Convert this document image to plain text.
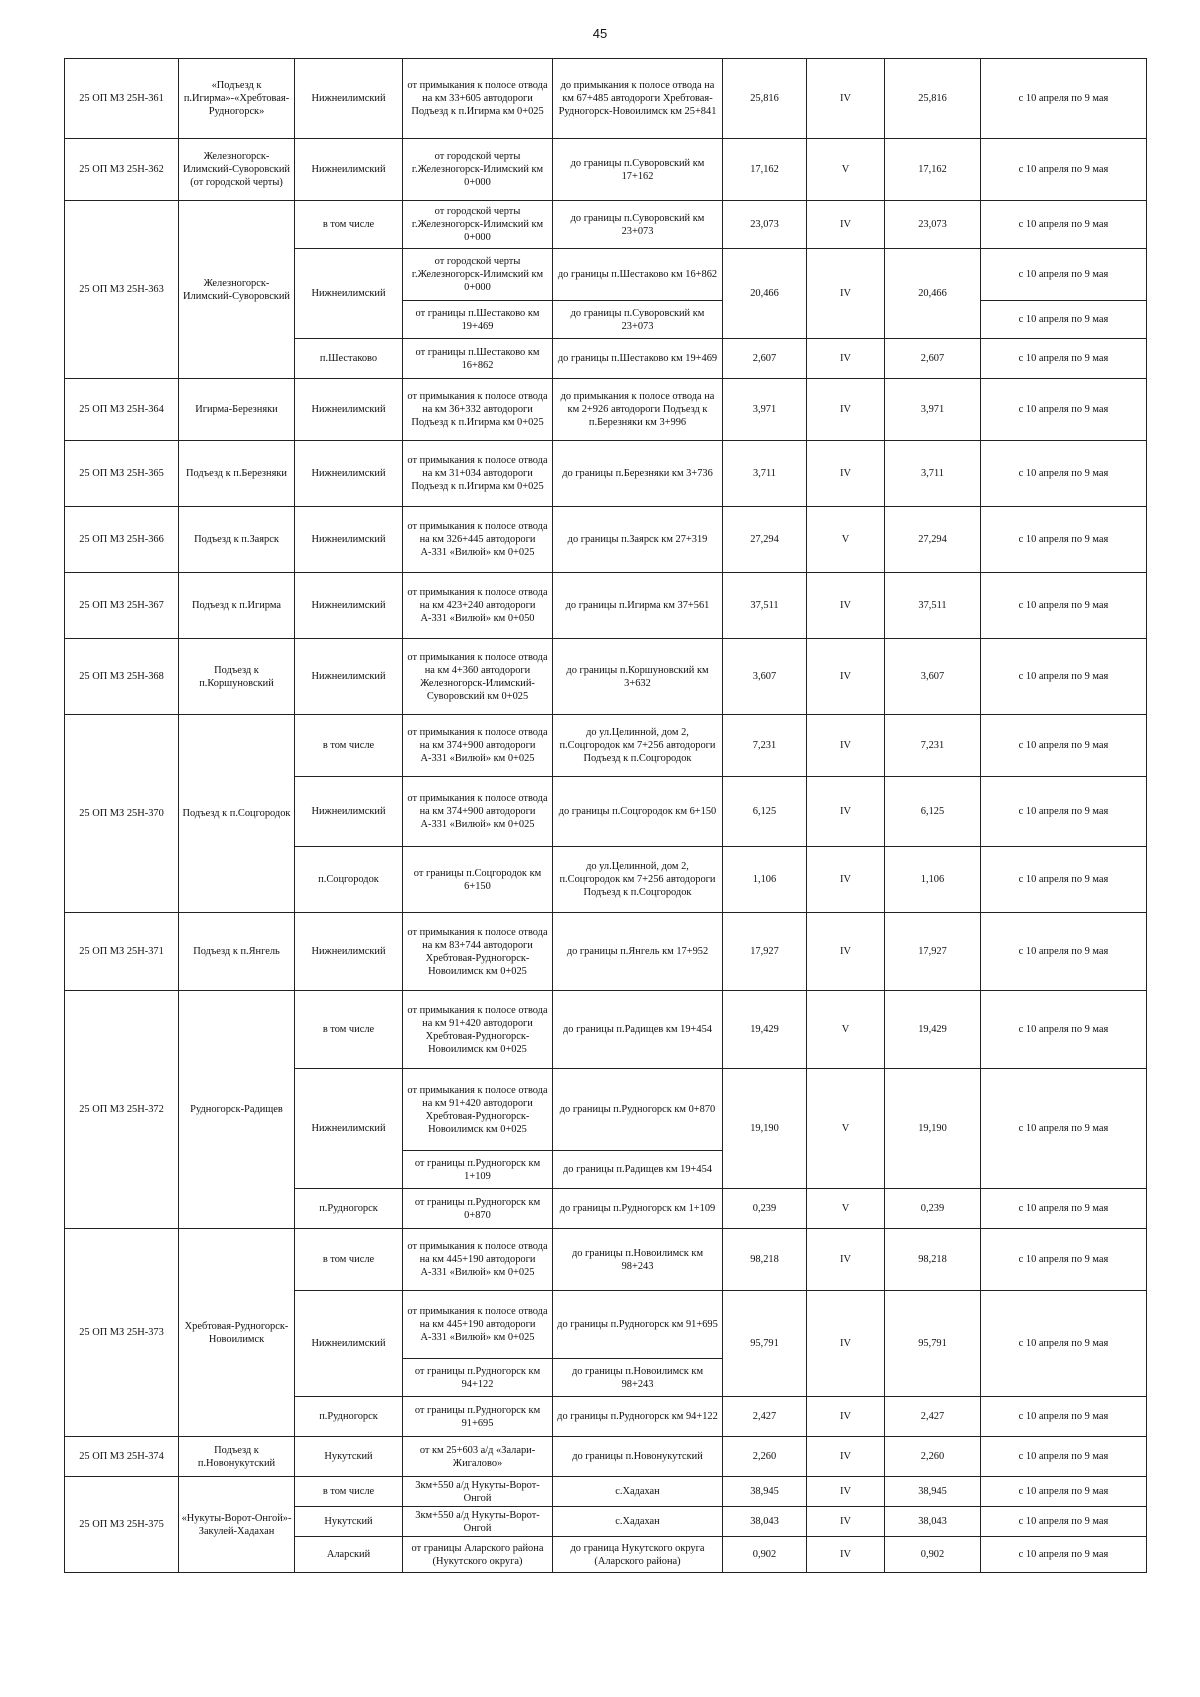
45
25 ОП МЗ 25Н-361	«Подъезд к п.Игирма»-«Хребтовая-Рудногорск»	Нижнеилимский	от примыкания к полосе отвода на км 33+605 автодороги Подъезд к п.Игирма км 0+025	до примыкания к полосе отвода на км 67+485 автодороги Хребтовая-Рудногорск-Новоилимск км 25+841	25,816	IV	25,816	с 10 апреля по 9 мая
25 ОП МЗ 25Н-362	Железногорск-Илимский-Суворовский (от городской черты)	Нижнеилимский	от городской черты г.Железногорск-Илимский км 0+000	до границы п.Суворовский км 17+162	17,162	V	17,162	с 10 апреля по 9 мая
25 ОП МЗ 25Н-363	Железногорск-Илимский-Суворовский	в том числе	от городской черты г.Железногорск-Илимский км 0+000	до границы п.Суворовский км 23+073	23,073	IV	23,073	с 10 апреля по 9 мая
		Нижнеилимский	от городской черты г.Железногорск-Илимский км 0+000	до границы п.Шестаково км 16+862	20,466	IV	20,466	с 10 апреля по 9 мая
			от границы п.Шестаково км 19+469	до границы п.Суворовский км 23+073				с 10 апреля по 9 мая
		п.Шестаково	от границы п.Шестаково км 16+862	до границы п.Шестаково км 19+469	2,607	IV	2,607	с 10 апреля по 9 мая
25 ОП МЗ 25Н-364	Игирма-Березняки	Нижнеилимский	от примыкания к полосе отвода на км 36+332 автодороги Подъезд к п.Игирма км 0+025	до примыкания к полосе отвода на км 2+926 автодороги Подъезд к п.Березняки км 3+996	3,971	IV	3,971	с 10 апреля по 9 мая
25 ОП МЗ 25Н-365	Подъезд к п.Березняки	Нижнеилимский	от примыкания к полосе отвода на км 31+034 автодороги Подъезд к п.Игирма км 0+025	до границы п.Березняки км 3+736	3,711	IV	3,711	с 10 апреля по 9 мая
25 ОП МЗ 25Н-366	Подъезд к п.Заярск	Нижнеилимский	от примыкания к полосе отвода на км 326+445 автодороги А-331 «Вилюй» км 0+025	до границы п.Заярск км 27+319	27,294	V	27,294	с 10 апреля по 9 мая
25 ОП МЗ 25Н-367	Подъезд к п.Игирма	Нижнеилимский	от примыкания к полосе отвода на км 423+240 автодороги А-331 «Вилюй» км 0+050	до границы п.Игирма км 37+561	37,511	IV	37,511	с 10 апреля по 9 мая
25 ОП МЗ 25Н-368	Подъезд к п.Коршуновский	Нижнеилимский	от примыкания к полосе отвода на км 4+360 автодороги Железногорск-Илимский-Суворовский км 0+025	до границы п.Коршуновский км 3+632	3,607	IV	3,607	с 10 апреля по 9 мая
25 ОП МЗ 25Н-370	Подъезд к п.Соцгородок	в том числе	от примыкания к полосе отвода на км 374+900 автодороги А-331 «Вилюй» км 0+025	до ул.Целинной, дом 2, п.Соцгородок км 7+256 автодороги Подъезд к п.Соцгородок	7,231	IV	7,231	с 10 апреля по 9 мая
		Нижнеилимский	от примыкания к полосе отвода на км 374+900 автодороги А-331 «Вилюй» км 0+025	до границы п.Соцгородок км 6+150	6,125	IV	6,125	с 10 апреля по 9 мая
		п.Соцгородок	от границы п.Соцгородок км 6+150	до ул.Целинной, дом 2, п.Соцгородок км 7+256 автодороги Подъезд к п.Соцгородок	1,106	IV	1,106	с 10 апреля по 9 мая
25 ОП МЗ 25Н-371	Подъезд к п.Янгель	Нижнеилимский	от примыкания к полосе отвода на км 83+744 автодороги Хребтовая-Рудногорск-Новоилимск км 0+025	до границы п.Янгель км 17+952	17,927	IV	17,927	с 10 апреля по 9 мая
25 ОП МЗ 25Н-372	Рудногорск-Радищев	в том числе	от примыкания к полосе отвода на км 91+420 автодороги Хребтовая-Рудногорск-Новоилимск км 0+025	до границы п.Радищев км 19+454	19,429	V	19,429	с 10 апреля по 9 мая
		Нижнеилимский	от примыкания к полосе отвода на км 91+420 автодороги Хребтовая-Рудногорск-Новоилимск км 0+025	до границы п.Рудногорск км 0+870	19,190	V	19,190	с 10 апреля по 9 мая
			от границы п.Рудногорск км 1+109	до границы п.Радищев км 19+454				
		п.Рудногорск	от границы п.Рудногорск км 0+870	до границы п.Рудногорск км 1+109	0,239	V	0,239	с 10 апреля по 9 мая
25 ОП МЗ 25Н-373	Хребтовая-Рудногорск-Новоилимск	в том числе	от примыкания к полосе отвода на км 445+190 автодороги А-331 «Вилюй» км 0+025	до границы п.Новоилимск км 98+243	98,218	IV	98,218	с 10 апреля по 9 мая
		Нижнеилимский	от примыкания к полосе отвода на км 445+190 автодороги А-331 «Вилюй» км 0+025	до границы п.Рудногорск км 91+695	95,791	IV	95,791	с 10 апреля по 9 мая
			от границы п.Рудногорск км 94+122	до границы п.Новоилимск км 98+243				
		п.Рудногорск	от границы п.Рудногорск км 91+695	до границы п.Рудногорск км 94+122	2,427	IV	2,427	с 10 апреля по 9 мая
25 ОП МЗ 25Н-374	Подъезд к п.Новонукутский	Нукутский	от км 25+603 а/д «Залари-Жигалово»	до границы п.Новонукутский	2,260	IV	2,260	с 10 апреля по 9 мая
25 ОП МЗ 25Н-375	«Нукуты-Ворот-Онгой»-Закулей-Хадахан	в том числе	3км+550 а/д Нукуты-Ворот-Онгой	с.Хадахан	38,945	IV	38,945	с 10 апреля по 9 мая
		Нукутский	3км+550 а/д Нукуты-Ворот-Онгой	с.Хадахан	38,043	IV	38,043	с 10 апреля по 9 мая
		Аларский	от границы Аларского района (Нукутского округа)	до граница Нукутского округа (Аларского района)	0,902	IV	0,902	с 10 апреля по 9 мая
